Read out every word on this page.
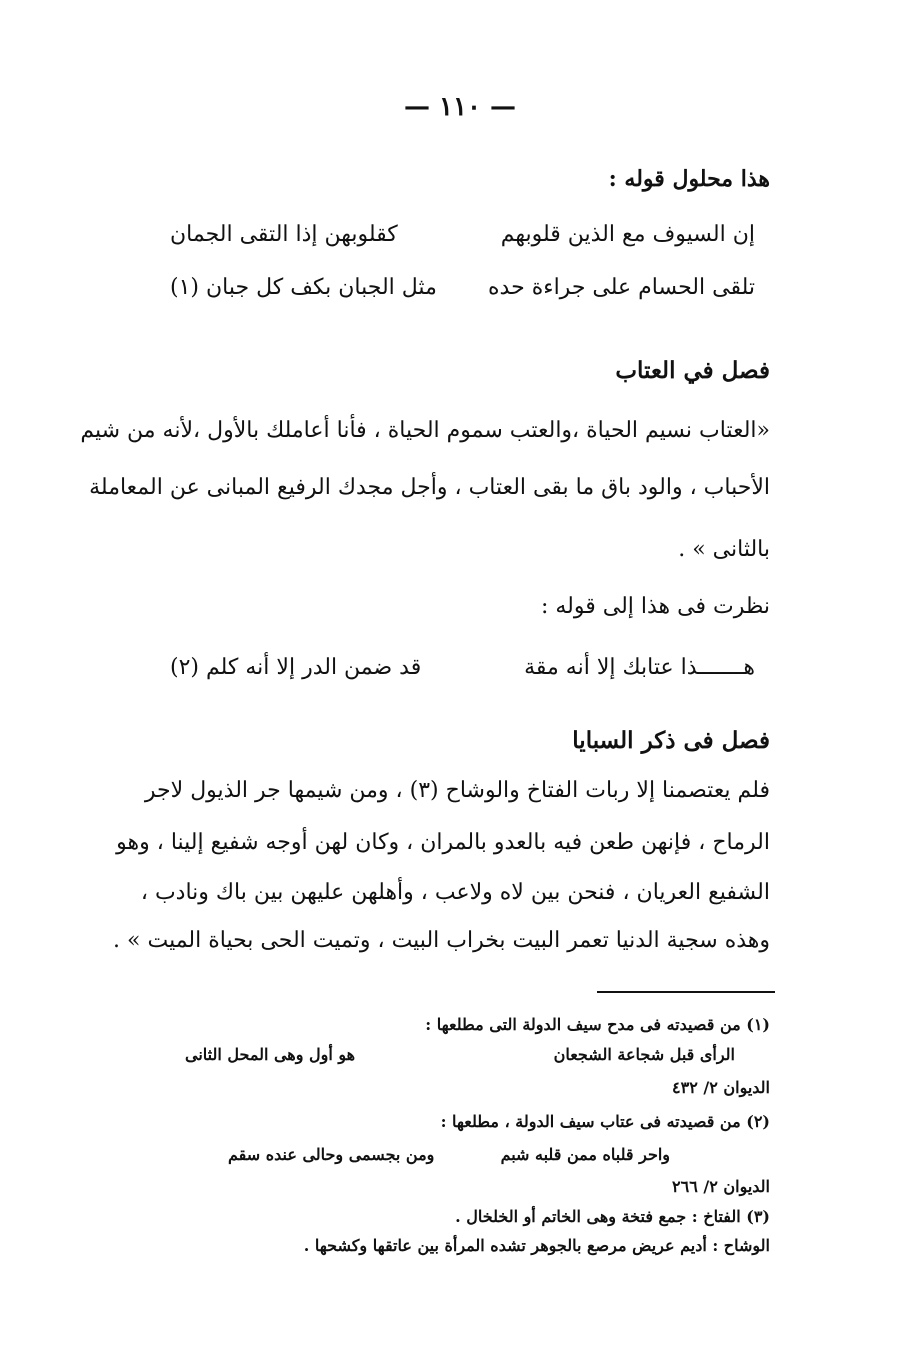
— ١١٠ —
هذا محلول قوله :
إن السيوف مع الذين قلوبهم
كقلوبهن إذا التقى الجمان
تلقى الحسام على جراءة حده
مثل الجبان بكف كل جبان (١)
فصل في العتاب
«العتاب نسيم الحياة ،والعتب سموم الحياة ، فأنا أعاملك بالأول ،لأنه من شيم
الأحباب ، والود باق ما بقى العتاب ، وأجل مجدك الرفيع المبانى عن المعاملة
بالثانى » .
نظرت فى هذا إلى قوله :
هـــــــذا عتابك إلا أنه مقة
قد ضمن الدر إلا أنه كلم (٢)
فصل فى ذكر السبايا
فلم يعتصمنا إلا ربات الفتاخ والوشاح (٣) ، ومن شيمها جر الذيول لاجر
الرماح ، فإنهن طعن فيه بالعدو بالمران ، وكان لهن أوجه شفيع إلينا ، وهو
الشفيع العريان ، فنحن بين لاه ولاعب ، وأهلهن عليهن بين باك ونادب ،
وهذه سجية الدنيا تعمر البيت بخراب البيت ، وتميت الحى بحياة الميت » .
(١) من قصيدته فى مدح سيف الدولة التى مطلعها :
الرأى قبل شجاعة الشجعان
هو أول وهى المحل الثانى
الديوان ٢/ ٤٣٢
(٢) من قصيدته فى عتاب سيف الدولة ، مطلعها :
واحر قلباه ممن قلبه شبم
ومن بجسمى وحالى عنده سقم
الديوان ٢/ ٢٦٦
(٣) الفتاخ : جمع فتخة وهى الخاتم أو الخلخال .
الوشاح : أديم عريض مرصع بالجوهر تشده المرأة بين عاتقها وكشحها .
